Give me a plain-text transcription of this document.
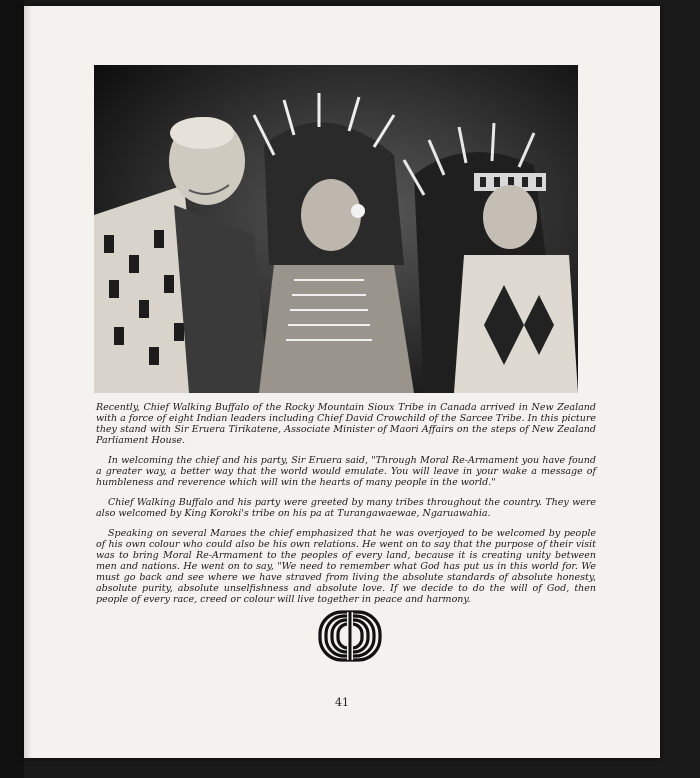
Recently, Chief Walking Buffalo of the Rocky Mountain Sioux Tribe in Canada arrived in New Zealand with a force of eight Indian leaders including Chief David Crowchild of the Sarcee Tribe. In this picture they stand with Sir Eruera Tirikatene, Associate Minister of Maori Affairs on the steps of New Zealand Parliament House.

In welcoming the chief and his party, Sir Eruera said, "Through Moral Re-Armament you have found a greater way, a better way that the world would emulate. You will leave in your wake a message of humbleness and reverence which will win the hearts of many people in the world."

Chief Walking Buffalo and his party were greeted by many tribes throughout the country. They were also welcomed by King Koroki's tribe on his pa at Turangawaewae, Ngaruawahia.

Speaking on several Maraes the chief emphasized that he was overjoyed to be welcomed by people of his own colour who could also be his own relations. He went on to say that the purpose of their visit was to bring Moral Re-Armament to the peoples of every land, because it is creating unity between men and nations. He went on to say, "We need to remember what God has put us in this world for. We must go back and see where we have straved from living the absolute standards of absolute honesty, absolute purity, absolute unselfishness and absolute love. If we decide to do the will of God, then people of every race, creed or colour will live together in peace and harmony.

41
